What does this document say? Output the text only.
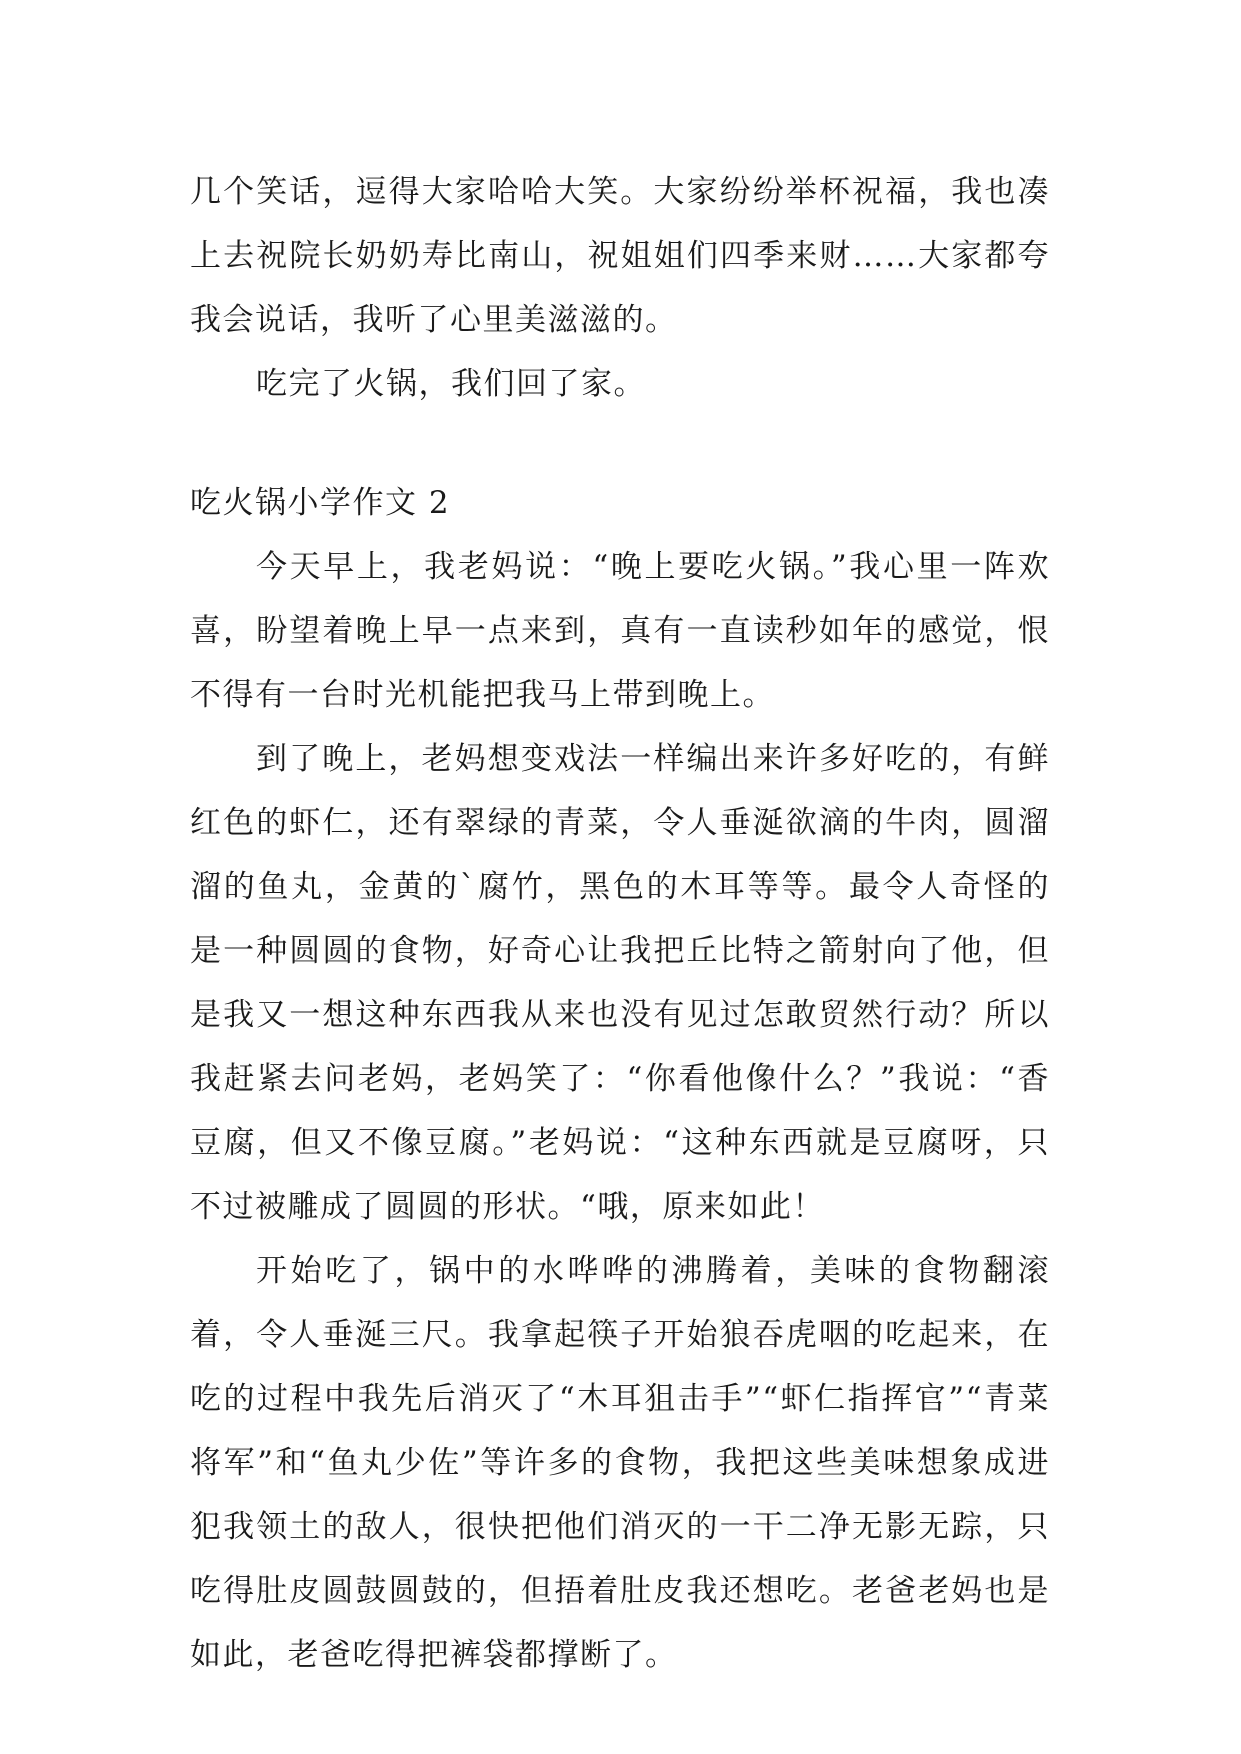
几个笑话，逗得大家哈哈大笑。大家纷纷举杯祝福，我也凑上去祝院长奶奶寿比南山，祝姐姐们四季来财……大家都夸我会说话，我听了心里美滋滋的。

吃完了火锅，我们回了家。

吃火锅小学作文 2

今天早上，我老妈说：“晚上要吃火锅。”我心里一阵欢喜，盼望着晚上早一点来到，真有一直读秒如年的感觉，恨不得有一台时光机能把我马上带到晚上。

到了晚上，老妈想变戏法一样编出来许多好吃的，有鲜红色的虾仁，还有翠绿的青菜，令人垂涎欲滴的牛肉，圆溜溜的鱼丸，金黄的`腐竹，黑色的木耳等等。最令人奇怪的是一种圆圆的食物，好奇心让我把丘比特之箭射向了他，但是我又一想这种东西我从来也没有见过怎敢贸然行动？所以我赶紧去问老妈，老妈笑了：“你看他像什么？”我说：“香豆腐，但又不像豆腐。”老妈说：“这种东西就是豆腐呀，只不过被雕成了圆圆的形状。“哦，原来如此！

开始吃了，锅中的水哗哗的沸腾着，美味的食物翻滚着，令人垂涎三尺。我拿起筷子开始狼吞虎咽的吃起来，在吃的过程中我先后消灭了“木耳狙击手”“虾仁指挥官”“青菜将军”和“鱼丸少佐”等许多的食物，我把这些美味想象成进犯我领土的敌人，很快把他们消灭的一干二净无影无踪，只吃得肚皮圆鼓圆鼓的，但捂着肚皮我还想吃。老爸老妈也是如此，老爸吃得把裤袋都撑断了。
